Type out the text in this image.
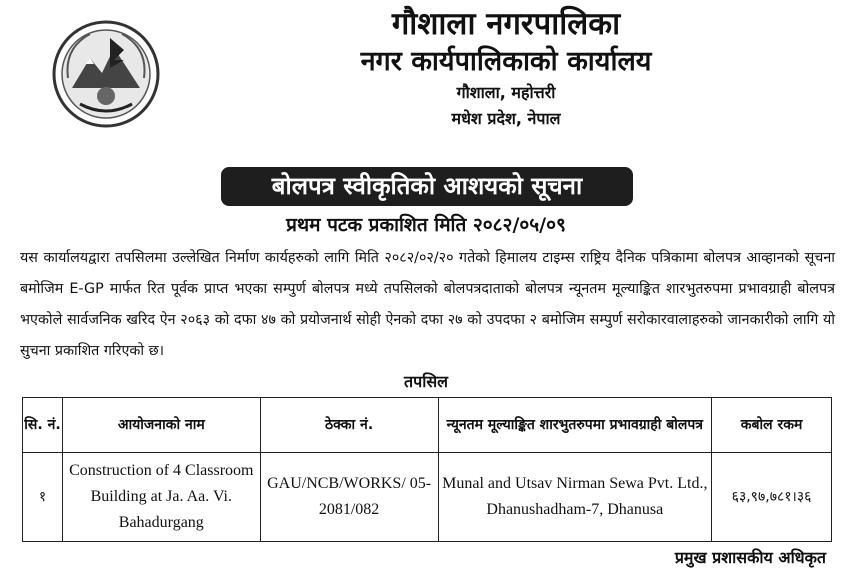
गौशाला नगरपालिका
नगर कार्यपालिकाको कार्यालय
गौशाला, महोत्तरी
मधेश प्रदेश, नेपाल
बोलपत्र स्वीकृतिको आशयको सूचना
प्रथम पटक प्रकाशित मिति २०८२/०५/०९
यस कार्यालयद्वारा तपसिलमा उल्लेखित निर्माण कार्यहरुको लागि मिति २०८२/०२/२० गतेको हिमालय टाइम्स राष्ट्रिय दैनिक पत्रिकामा बोलपत्र आव्हानको सूचना बमोजिम E-GP मार्फत रित पूर्वक प्राप्त भएका सम्पुर्ण बोलपत्र मध्ये तपसिलको बोलपत्रदाताको बोलपत्र न्यूनतम मूल्याङ्कित शारभुतरुपमा प्रभावग्राही बोलपत्र भएकोले सार्वजनिक खरिद ऐन २०६३ को दफा ४७ को प्रयोजनार्थ सोही ऐनको दफा २७ को उपदफा २ बमोजिम सम्पुर्ण सरोकारवालाहरुको जानकारीको लागि यो सुचना प्रकाशित गरिएको छ।
तपसिल
सि. नं.	आयोजनाको नाम	ठेक्का नं.	न्यूनतम मूल्याङ्कित शारभुतरुपमा प्रभावग्राही बोलपत्र	कबोल रकम
१	Construction of 4 Classroom Building at Ja. Aa. Vi. Bahadurgang	GAU/NCB/WORKS/ 05-2081/082	Munal and Utsav Nirman Sewa Pvt. Ltd., Dhanushadham-7, Dhanusa	६३,९७,७८१।३६
प्रमुख प्रशासकीय अधिकृत
